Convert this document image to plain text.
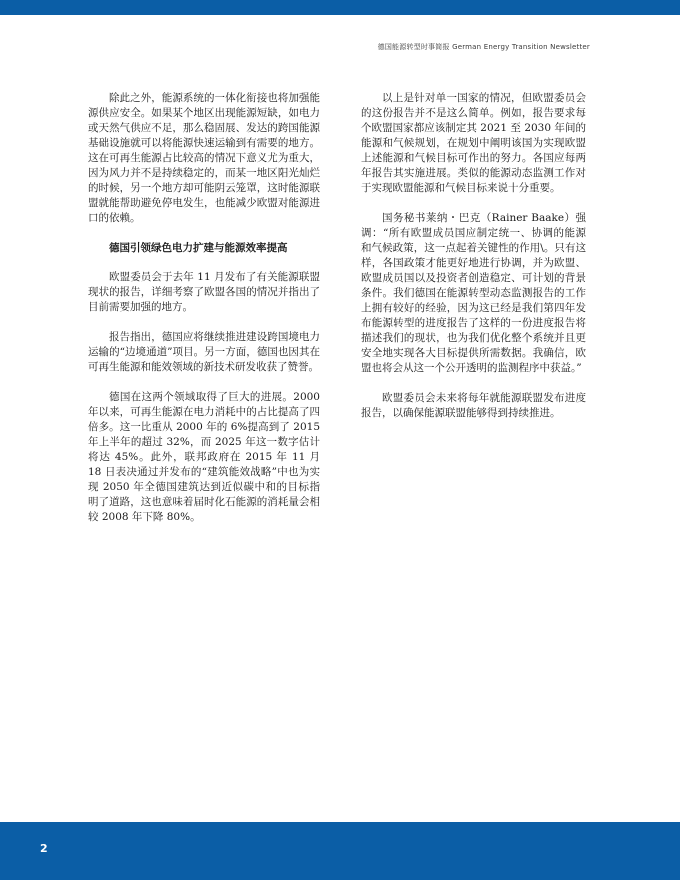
德国能源转型时事简报 German Energy Transition Newsletter

除此之外，能源系统的一体化衔接也将加强能源供应安全。如果某个地区出现能源短缺，如电力或天然气供应不足，那么稳固展、发达的跨国能源基础设施就可以将能源快速运输到有需要的地方。这在可再生能源占比较高的情况下意义尤为重大，因为风力并不是持续稳定的，而某一地区阳光灿烂的时候，另一个地方却可能阴云笼罩，这时能源联盟就能帮助避免停电发生，也能减少欧盟对能源进口的依赖。

德国引领绿色电力扩建与能源效率提高

欧盟委员会于去年 11 月发布了有关能源联盟现状的报告，详细考察了欧盟各国的情况并指出了目前需要加强的地方。

报告指出，德国应将继续推进建设跨国境电力运输的“边境通道”项目。另一方面，德国也因其在可再生能源和能效领域的新技术研发收获了赞誉。

德国在这两个领域取得了巨大的进展。2000 年以来，可再生能源在电力消耗中的占比提高了四倍多。这一比重从 2000 年的 6%提高到了 2015 年上半年的超过 32%，而 2025 年这一数字估计将达 45%。此外，联邦政府在 2015 年 11 月 18 日表决通过并发布的“建筑能效战略”中也为实现 2050 年全德国建筑达到近似碳中和的目标指明了道路，这也意味着届时化石能源的消耗量会相较 2008 年下降 80%。

以上是针对单一国家的情况，但欧盟委员会的这份报告并不是这么简单。例如，报告要求每个欧盟国家都应该制定其 2021 至 2030 年间的能源和气候规划，在规划中阐明该国为实现欧盟上述能源和气候目标可作出的努力。各国应每两年报告其实施进展。类似的能源动态监测工作对于实现欧盟能源和气候目标来说十分重要。

国务秘书莱纳・巴克（Rainer Baake）强调：“所有欧盟成员国应制定统一、协调的能源和气候政策，这一点起着关键性的作用\。只有这样，各国政策才能更好地进行协调，并为欧盟、欧盟成员国以及投资者创造稳定、可计划的背景条件。我们德国在能源转型动态监测报告的工作上拥有较好的经验，因为这已经是我们第四年发布能源转型的进度报告了这样的一份进度报告将描述我们的现状，也为我们优化整个系统并且更安全地实现各大目标提供所需数据。我确信，欧盟也将会从这一个公开透明的监测程序中获益。”

欧盟委员会未来将每年就能源联盟发布进度报告，以确保能源联盟能够得到持续推进。

2
